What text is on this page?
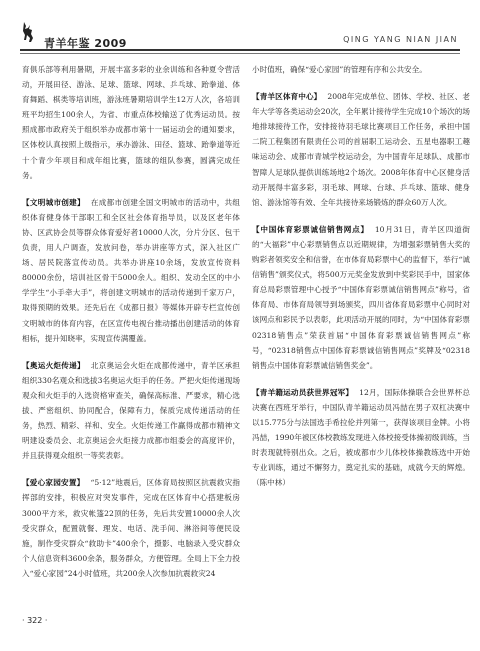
青羊年鉴 2009	QING YANG NIAN JIAN

育俱乐部等利用暑期，开展丰富多彩的业余训练和各种夏令营活动，开展田径、游泳、足球、篮球、网球、乒乓球、跆拳道、体育舞蹈、棋类等培训班，游泳班暑期培训学生12万人次，各培训班平均招生100余人，为省、市重点体校输送了优秀运动员。按照成都市政府关于组织举办成都市第十一届运动会的通知要求，区体校认真按照上级指示，承办游泳、田径、篮球、跆拳道等近十个青少年项目和成年组比赛，篮球的组队参赛，圆满完成任务。

【文明城市创建】 在成都市创建全国文明城市的活动中，共组织体育健身体干部职工和全区社会体育指导员，以及区老年体协、区武协会员等群众体育爱好者10000人次，分片分区、包干负责，用人户调查，发放问卷，举办讲座等方式，深入社区广场、居民院落宣传动员。共举办讲座10余场，发放宣传资料80000余份，培训社区骨干5000余人。组织、发动全区的中小学学生“小手牵大手”，将创建文明城市的活动传递到千家万户，取得预期的效果。还先后在《成都日报》等媒体开辟专栏宣传创文明城市的体育内容，在区宣传电视台推动播出创建活动的体育相标，提升知晓率，实现宣传满覆盖。

【奥运火炬传递】 北京奥运会火炬在成都传递中，青羊区承担组织330名观众和选拔3名奥运火炬手的任务。严把火炬传递现场观众和火炬手的入选资格审查关，确保高标准、严要求，精心选拔、严密组织、协同配合，保障有力，保质完成传递活动的任务，热烈、精彩、祥和、安全。火炬传递工作赢得成都市精神文明建设委员会、北京奥运会火炬接力成都市组委会的高度评价，并且获得观众组织一等奖表彰。

【爱心家园安置】 “5·12”地震后，区体育局按照区抗震救灾指挥部的安排，积极应对突发事件，完成在区体育中心搭建板房3000平方米，救灾帐篷22顶的任务，先后共安置10000余人次受灾群众，配置就餐、理发、电话、洗手间、淋浴间等便民设施，制作受灾群众“救助卡”400余个，摄影、电脑录入受灾群众个人信息资料3600余条，服务群众，方便管理。全局上下全力投入“爱心家园”24小时值班，共200余人次参加抗震救灾24

小时值班，确保“爱心家园”的管理有序和公共安全。

【青羊区体育中心】 2008年完成单位、团体、学校、社区、老年大学等各类运动会20次，全年累计接待学生完成10个场次的场地排球接待工作，安排接待羽毛球比赛项目工作任务，承担中国二院工程集团有限责任公司的首届职工运动会、五星电器职工趣味运动会、成都市青城学校运动会，为中国青年足球队、成都市智障人足球队提供训练场地2个场次。2008年体育中心区健身活动开展得丰富多彩，羽毛球、网球、台球、乒乓球、篮球、健身馆、游泳馆等有效、全年共接待来场锻炼的群众60万人次。

【中国体育彩票诚信销售网点】 10月31日，青羊区四道街的“大福彩”中心彩票销售点以近期规律，为增强彩票销售大奖的购彩者领奖安全和信誉，在市体育局彩票中心的监督下，举行“诚信销售”颁奖仪式，将500万元奖金发放到中奖彩民手中，国家体育总局彩票管理中心授予“中国体育彩票诚信销售网点”称号，省体育局、市体育局领导到场颁奖，四川省体育局彩票中心同时对该网点和彩民予以表彰，此项活动开展的同时，为“中国体育彩票02318销售点”荣获首届“中国体育彩票诚信销售网点”称号，“02318销售点中国体育彩票诚信销售网点”奖牌及“02318销售点中国体育彩票诚信销售奖金”。

【青羊籍运动员获世界冠军】 12月，国际体操联合会世界杯总决赛在西班牙举行，中国队青羊籍运动员冯喆在男子双杠决赛中以15.775分与法国选手希拉伦并列第一，获得该项目金牌。小将冯喆，1990年被区体校教练发现进入体校接受体操初级训练，当时表现就特别出众。之后，被成都市少儿体校体操教练选中开始专业训练，通过不懈努力，奠定扎实的基础，成就今天的辉煌。（陈中林）

· 322 ·
